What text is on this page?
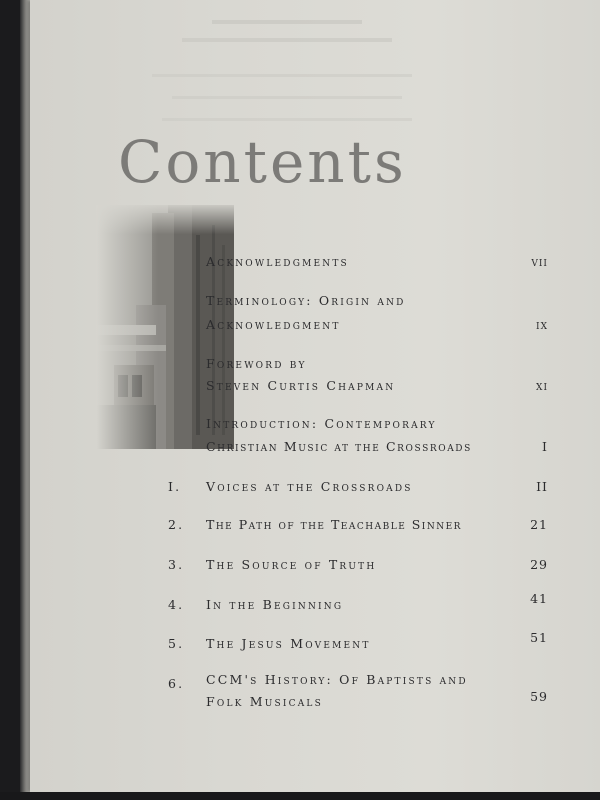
Contents
Acknowledgments	vii
Terminology: Origin and
Acknowledgment	ix
Foreword by
Steven Curtis Chapman	xi
Introduction: Contemporary
Christian Music at the Crossroads	I
I. Voices at the Crossroads	II
2. The Path of the Teachable Sinner	21
3. The Source of Truth	29
4. In the Beginning	41
5. The Jesus Movement	51
6. CCM's History: Of Baptists and
Folk Musicals	59
